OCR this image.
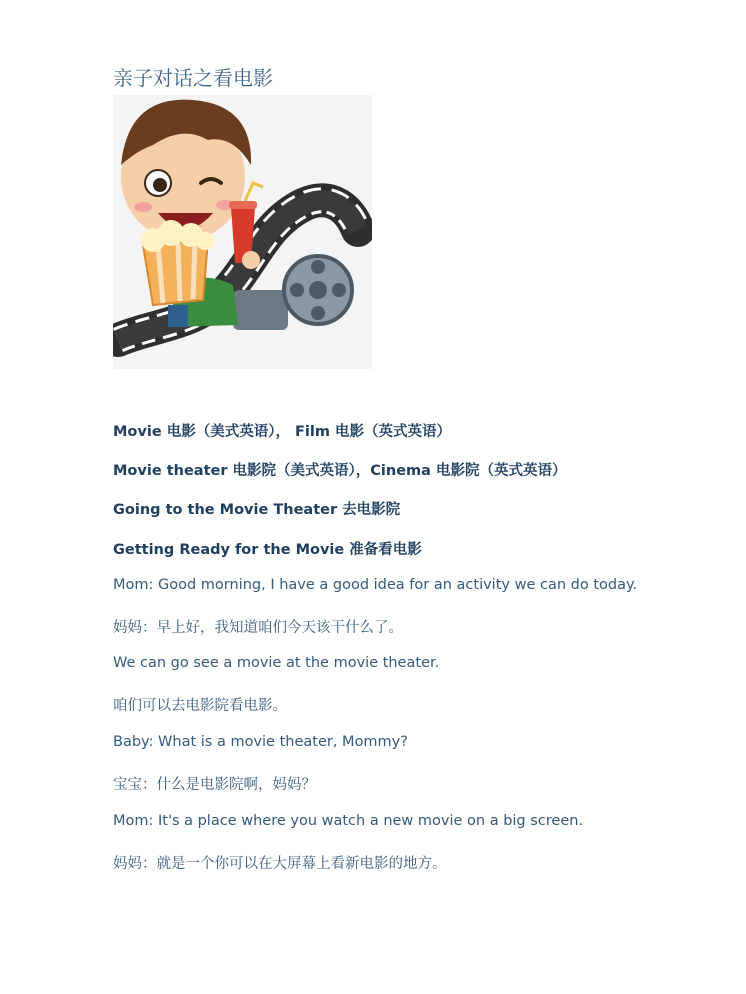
亲子对话之看电影
Movie 电影（美式英语）， Film 电影（英式英语）
Movie theater 电影院（美式英语），Cinema 电影院（英式英语）
Going to the Movie Theater 去电影院
Getting Ready for the Movie 准备看电影
Mom: Good morning, I have a good idea for an activity we can do today.
妈妈：早上好，我知道咱们今天该干什么了。
We can go see a movie at the movie theater.
咱们可以去电影院看电影。
Baby: What is a movie theater, Mommy?
宝宝：什么是电影院啊，妈妈？
Mom: It's a place where you watch a new movie on a big screen.
妈妈：就是一个你可以在大屏幕上看新电影的地方。
